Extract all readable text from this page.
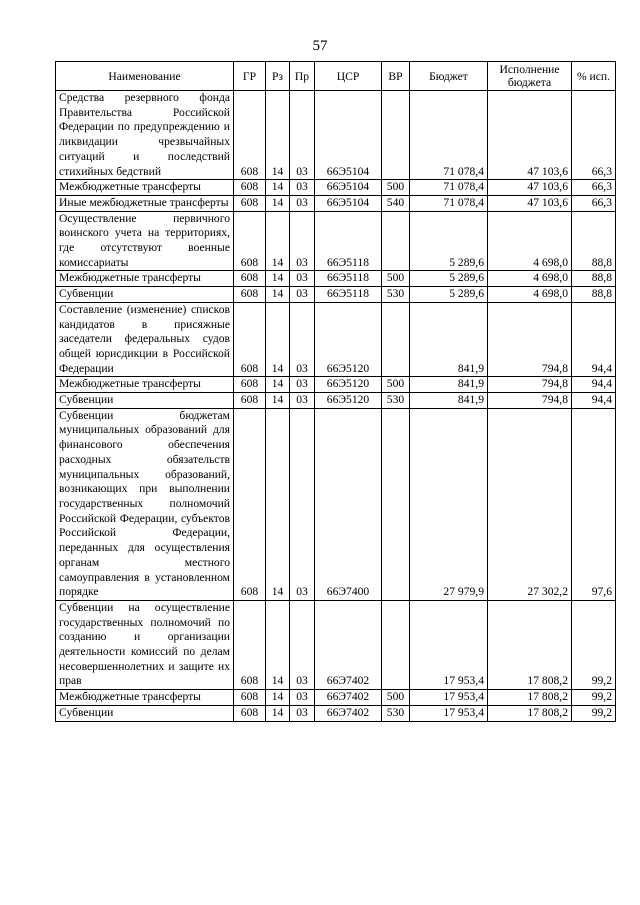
57
Наименование	ГР	Рз	Пр	ЦСР	ВР	Бюджет	Исполнение бюджета	% исп.
Средства резервного фонда Правительства Российской Федерации по предупреждению и ликвидации чрезвычайных ситуаций и последствий стихийных бедствий	608	14	03	66Э5104		71 078,4	47 103,6	66,3
Межбюджетные трансферты	608	14	03	66Э5104	500	71 078,4	47 103,6	66,3
Иные межбюджетные трансферты	608	14	03	66Э5104	540	71 078,4	47 103,6	66,3
Осуществление первичного воинского учета на территориях, где отсутствуют военные комиссариаты	608	14	03	66Э5118		5 289,6	4 698,0	88,8
Межбюджетные трансферты	608	14	03	66Э5118	500	5 289,6	4 698,0	88,8
Субвенции	608	14	03	66Э5118	530	5 289,6	4 698,0	88,8
Составление (изменение) списков кандидатов в присяжные заседатели федеральных судов общей юрисдикции в Российской Федерации	608	14	03	66Э5120		841,9	794,8	94,4
Межбюджетные трансферты	608	14	03	66Э5120	500	841,9	794,8	94,4
Субвенции	608	14	03	66Э5120	530	841,9	794,8	94,4
Субвенции бюджетам муниципальных образований для финансового обеспечения расходных обязательств муниципальных образований, возникающих при выполнении государственных полномочий Российской Федерации, субъектов Российской Федерации, переданных для осуществления органам местного самоуправления в установленном порядке	608	14	03	66Э7400		27 979,9	27 302,2	97,6
Субвенции на осуществление государственных полномочий по созданию и организации деятельности комиссий по делам несовершеннолетних и защите их прав	608	14	03	66Э7402		17 953,4	17 808,2	99,2
Межбюджетные трансферты	608	14	03	66Э7402	500	17 953,4	17 808,2	99,2
Субвенции	608	14	03	66Э7402	530	17 953,4	17 808,2	99,2
